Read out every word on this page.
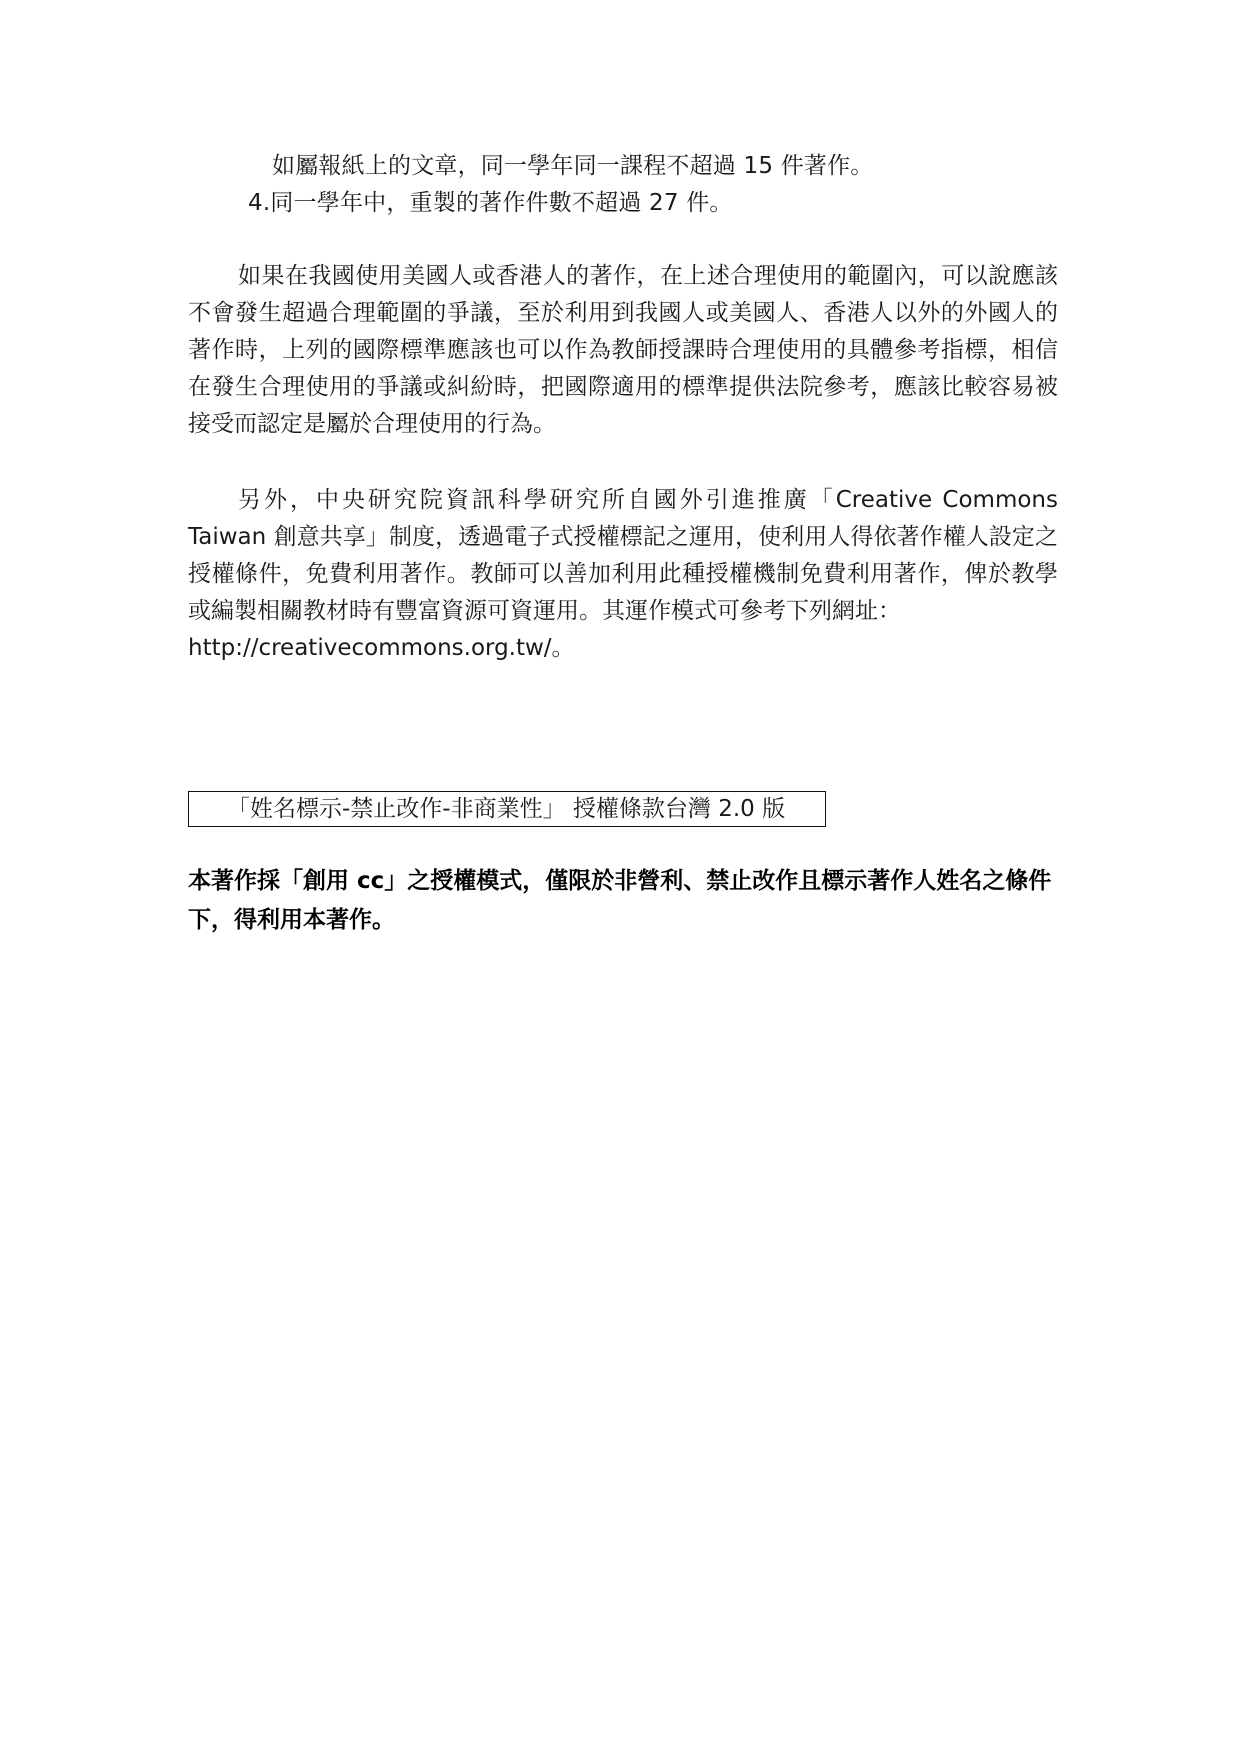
如屬報紙上的文章，同一學年同一課程不超過 15 件著作。
4.同一學年中，重製的著作件數不超過 27 件。

如果在我國使用美國人或香港人的著作，在上述合理使用的範圍內，可以說應該不會發生超過合理範圍的爭議，至於利用到我國人或美國人、香港人以外的外國人的著作時，上列的國際標準應該也可以作為教師授課時合理使用的具體參考指標，相信在發生合理使用的爭議或糾紛時，把國際適用的標準提供法院參考，應該比較容易被接受而認定是屬於合理使用的行為。

另外，中央研究院資訊科學研究所自國外引進推廣「Creative Commons Taiwan 創意共享」制度，透過電子式授權標記之運用，使利用人得依著作權人設定之授權條件，免費利用著作。教師可以善加利用此種授權機制免費利用著作，俾於教學或編製相關教材時有豐富資源可資運用。其運作模式可參考下列網址：

http://creativecommons.org.tw/。

「姓名標示-禁止改作-非商業性」 授權條款台灣 2.0 版

本著作採「創用 cc」之授權模式，僅限於非營利、禁止改作且標示著作人姓名之條件下，得利用本著作。
